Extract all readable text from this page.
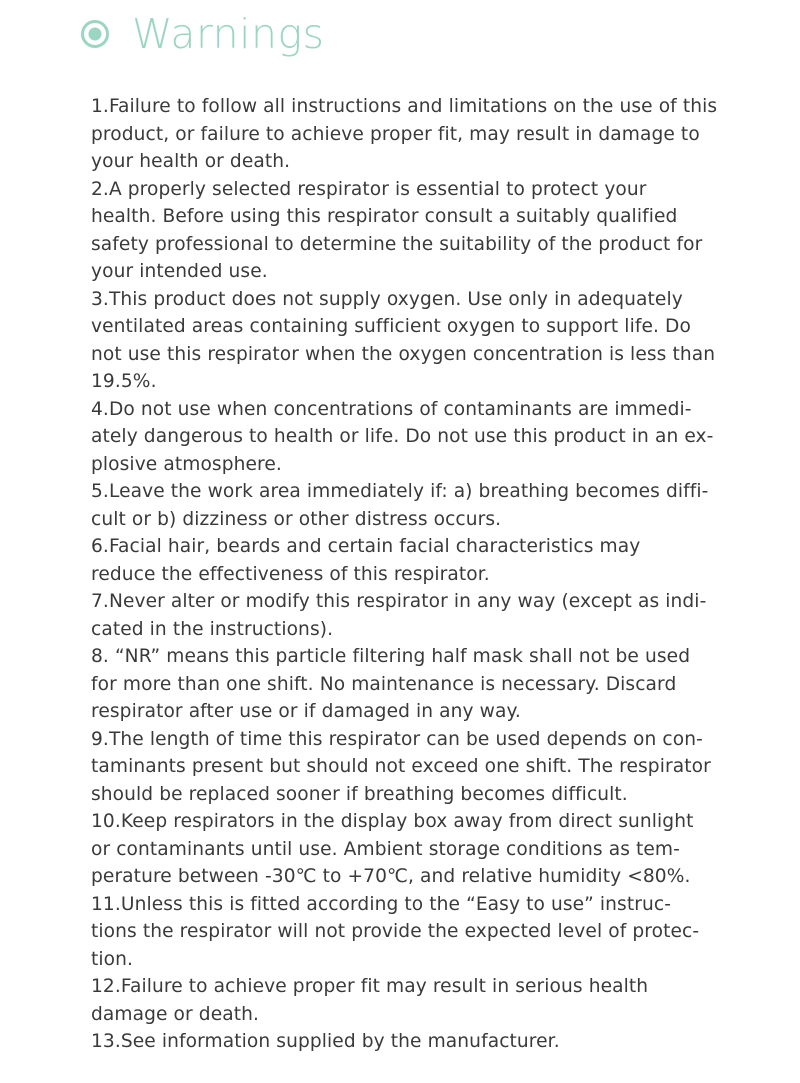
Warnings
1.Failure to follow all instructions and limitations on the use of this
product, or failure to achieve proper fit, may result in damage to
your health or death.
2.A properly selected respirator is essential to protect your
health. Before using this respirator consult a suitably qualified
safety professional to determine the suitability of the product for
your intended use.
3.This product does not supply oxygen. Use only in adequately
ventilated areas containing sufficient oxygen to support life. Do
not use this respirator when the oxygen concentration is less than
19.5%.
4.Do not use when concentrations of contaminants are immedi-
ately dangerous to health or life. Do not use this product in an ex-
plosive atmosphere.
5.Leave the work area immediately if: a) breathing becomes diffi-
cult or b) dizziness or other distress occurs.
6.Facial hair, beards and certain facial characteristics may
reduce the effectiveness of this respirator.
7.Never alter or modify this respirator in any way (except as indi-
cated in the instructions).
8. “NR” means this particle filtering half mask shall not be used
for more than one shift. No maintenance is necessary. Discard
respirator after use or if damaged in any way.
9.The length of time this respirator can be used depends on con-
taminants present but should not exceed one shift. The respirator
should be replaced sooner if breathing becomes difficult.
10.Keep respirators in the display box away from direct sunlight
or contaminants until use. Ambient storage conditions as tem-
perature between -30℃ to +70℃, and relative humidity <80%.
11.Unless this is fitted according to the “Easy to use” instruc-
tions the respirator will not provide the expected level of protec-
tion.
12.Failure to achieve proper fit may result in serious health
damage or death.
13.See information supplied by the manufacturer.
